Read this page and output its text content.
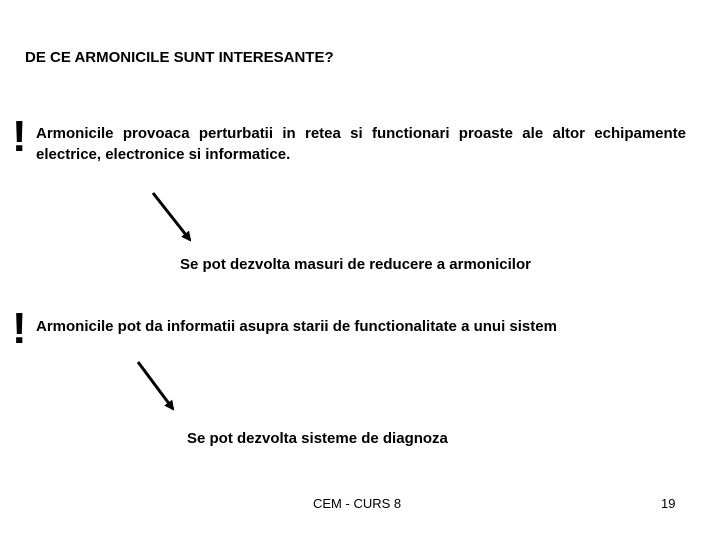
DE CE ARMONICILE SUNT INTERESANTE?
! Armonicile provoaca perturbatii in retea si functionari proaste ale altor echipamente electrice, electronice si informatice.
Se pot dezvolta masuri de reducere a armonicilor
! Armonicile pot da informatii asupra starii de functionalitate a unui sistem
Se pot dezvolta sisteme de diagnoza
CEM - CURS 8	19
